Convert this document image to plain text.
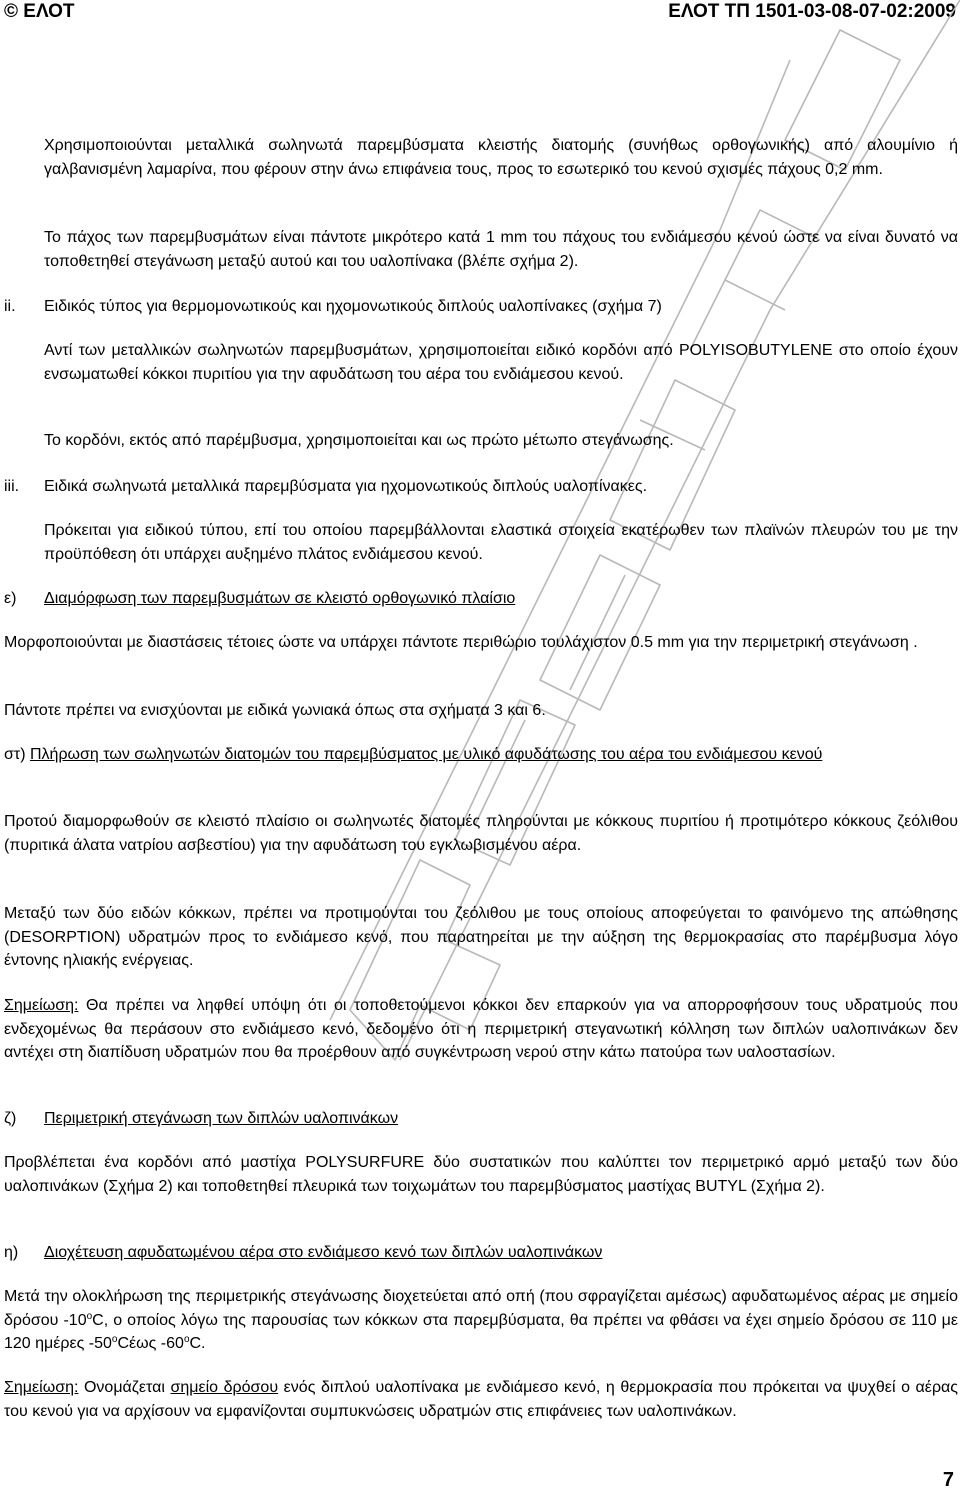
© ΕΛΟΤ	ΕΛΟΤ ΤΠ 1501-03-08-07-02:2009

Χρησιμοποιούνται μεταλλικά σωληνωτά παρεμβύσματα κλειστής διατομής (συνήθως ορθογωνικής) από αλουμίνιο ή γαλβανισμένη λαμαρίνα, που φέρουν στην άνω επιφάνεια τους, προς το εσωτερικό του κενού σχισμές πάχους 0,2 mm.

Το πάχος των παρεμβυσμάτων είναι πάντοτε μικρότερο κατά 1 mm του πάχους του ενδιάμεσου κενού ώστε να είναι δυνατό να τοποθετηθεί στεγάνωση μεταξύ αυτού και του υαλοπίνακα (βλέπε σχήμα 2).

ii. Ειδικός τύπος για θερμομονωτικούς και ηχομονωτικούς διπλούς υαλοπίνακες (σχήμα 7)

Αντί των μεταλλικών σωληνωτών παρεμβυσμάτων, χρησιμοποιείται ειδικό κορδόνι από POLYISOBUTYLENE στο οποίο έχουν ενσωματωθεί κόκκοι πυριτίου για την αφυδάτωση του αέρα του ενδιάμεσου κενού.

Το κορδόνι, εκτός από παρέμβυσμα, χρησιμοποιείται και ως πρώτο μέτωπο στεγάνωσης.

iii. Ειδικά σωληνωτά μεταλλικά παρεμβύσματα για ηχομονωτικούς διπλούς υαλοπίνακες.

Πρόκειται για ειδικού τύπου, επί του οποίου παρεμβάλλονται ελαστικά στοιχεία εκατέρωθεν των πλαϊνών πλευρών του με την προϋπόθεση ότι υπάρχει αυξημένο πλάτος ενδιάμεσου κενού.

ε) Διαμόρφωση των παρεμβυσμάτων σε κλειστό ορθογωνικό πλαίσιο

Μορφοποιούνται με διαστάσεις τέτοιες ώστε να υπάρχει πάντοτε περιθώριο τουλάχιστον 0.5 mm για την περιμετρική στεγάνωση .

Πάντοτε πρέπει να ενισχύονται με ειδικά γωνιακά όπως στα σχήματα 3 και 6.

στ) Πλήρωση των σωληνωτών διατομών του παρεμβύσματος με υλικό αφυδάτωσης του αέρα του ενδιάμεσου κενού

Προτού διαμορφωθούν σε κλειστό πλαίσιο οι σωληνωτές διατομές πληρούνται με κόκκους πυριτίου ή προτιμότερο κόκκους ζεόλιθου (πυριτικά άλατα νατρίου ασβεστίου) για την αφυδάτωση του εγκλωβισμένου αέρα.

Μεταξύ των δύο ειδών κόκκων, πρέπει να προτιμούνται του ζεόλιθου με τους οποίους αποφεύγεται το φαινόμενο της απώθησης (DESORPTION) υδρατμών προς το ενδιάμεσο κενό, που παρατηρείται με την αύξηση της θερμοκρασίας στο παρέμβυσμα λόγο έντονης ηλιακής ενέργειας.

Σημείωση: Θα πρέπει να ληφθεί υπόψη ότι οι τοποθετούμενοι κόκκοι δεν επαρκούν για να απορροφήσουν τους υδρατμούς που ενδεχομένως θα περάσουν στο ενδιάμεσο κενό, δεδομένο ότι η περιμετρική στεγανωτική κόλληση των διπλών υαλοπινάκων δεν αντέχει στη διαπίδυση υδρατμών που θα προέρθουν από συγκέντρωση νερού στην κάτω πατούρα των υαλοστασίων.

ζ) Περιμετρική στεγάνωση των διπλών υαλοπινάκων

Προβλέπεται ένα κορδόνι από μαστίχα POLYSURFURE δύο συστατικών που καλύπτει τον περιμετρικό αρμό μεταξύ των δύο υαλοπινάκων (Σχήμα 2) και τοποθετηθεί πλευρικά των τοιχωμάτων του παρεμβύσματος μαστίχας BUTYL (Σχήμα 2).

η) Διοχέτευση αφυδατωμένου αέρα στο ενδιάμεσο κενό των διπλών υαλοπινάκων

Μετά την ολοκλήρωση της περιμετρικής στεγάνωσης διοχετεύεται από οπή (που σφραγίζεται αμέσως) αφυδατωμένος αέρας με σημείο δρόσου -10$^o$C, ο οποίος λόγω της παρουσίας των κόκκων στα παρεμβύσματα, θα πρέπει να φθάσει να έχει σημείο δρόσου σε 110 με 120 ημέρες -50$^o$Cέως -60$^o$C.

Σημείωση: Ονομάζεται σημείο δρόσου ενός διπλού υαλοπίνακα με ενδιάμεσο κενό, η θερμοκρασία που πρόκειται να ψυχθεί ο αέρας του κενού για να αρχίσουν να εμφανίζονται συμπυκνώσεις υδρατμών στις επιφάνειες των υαλοπινάκων.

7
